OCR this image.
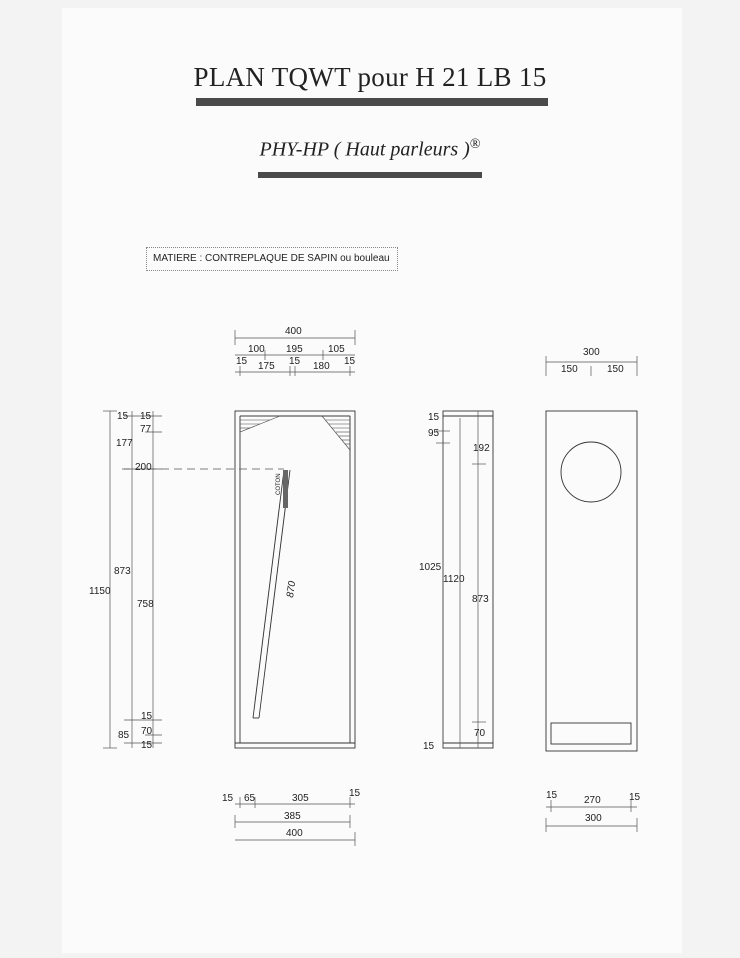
PLAN TQWT pour H 21 LB 15
PHY-HP ( Haut parleurs )®
MATIERE : CONTREPLAQUE DE SAPIN ou bouleau
COTON
870
400
100 195	105
15 175 15 180 15
15 15
77
177
200
873
1150
758
15
70
85
15
15 65	305	15
385
400
15
95
192
1025
1120
873
70
15
300
150	150
15	270	15
300
